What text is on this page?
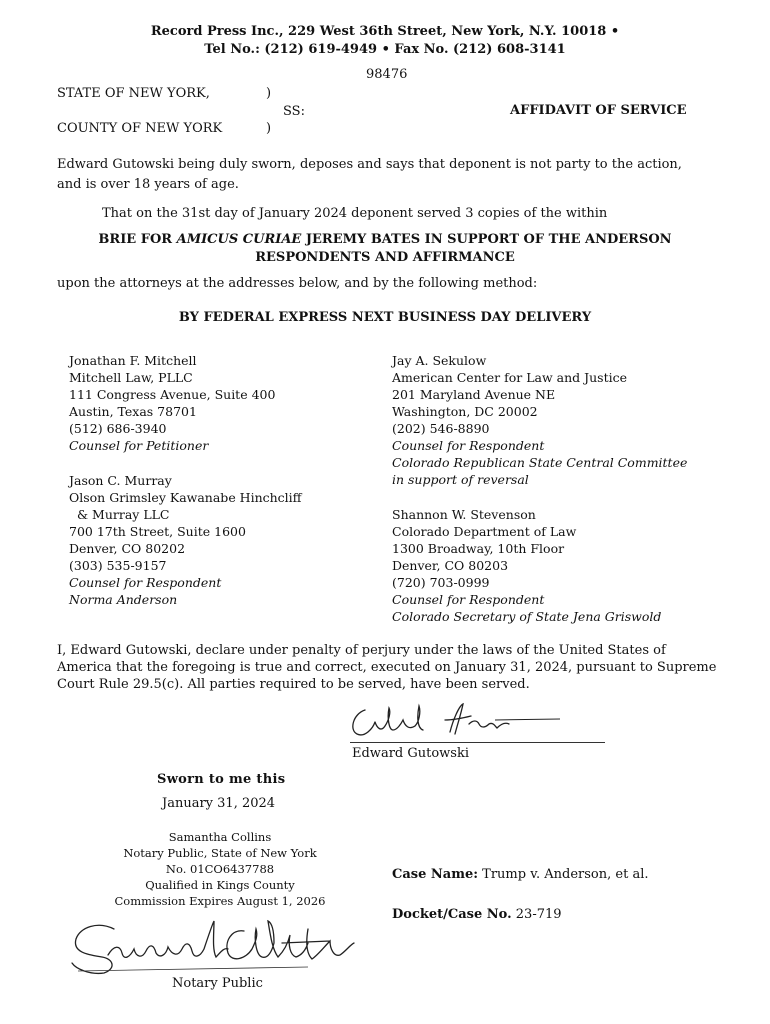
Record Press Inc., 229 West 36th Street, New York, N.Y. 10018 •
Tel No.: (212) 619-4949 • Fax No. (212) 608-3141
98476
STATE OF NEW YORK,	)
SS:	AFFIDAVIT OF SERVICE
COUNTY OF NEW YORK	)
Edward Gutowski being duly sworn, deposes and says that deponent is not party to the action, and is over 18 years of age.
That on the 31st day of January 2024 deponent served 3 copies of the within
BRIE FOR AMICUS CURIAE JEREMY BATES IN SUPPORT OF THE ANDERSON
RESPONDENTS AND AFFIRMANCE
upon the attorneys at the addresses below, and by the following method:
BY FEDERAL EXPRESS NEXT BUSINESS DAY DELIVERY
Jonathan F. Mitchell
Mitchell Law, PLLC
111 Congress Avenue, Suite 400
Austin, Texas 78701
(512) 686-3940
Counsel for Petitioner
Jason C. Murray
Olson Grimsley Kawanabe Hinchcliff
& Murray LLC
700 17th Street, Suite 1600
Denver, CO 80202
(303) 535-9157
Counsel for Respondent
Norma Anderson
Jay A. Sekulow
American Center for Law and Justice
201 Maryland Avenue NE
Washington, DC 20002
(202) 546-8890
Counsel for Respondent
Colorado Republican State Central Committee
in support of reversal
Shannon W. Stevenson
Colorado Department of Law
1300 Broadway, 10th Floor
Denver, CO 80203
(720) 703-0999
Counsel for Respondent
Colorado Secretary of State Jena Griswold
I, Edward Gutowski, declare under penalty of perjury under the laws of the United States of America that the foregoing is true and correct, executed on January 31, 2024, pursuant to Supreme Court Rule 29.5(c). All parties required to be served, have been served.
Edward Gutowski
Sworn to me this
January 31, 2024
Samantha Collins
Notary Public, State of New York
No. 01CO6437788
Qualified in Kings County
Commission Expires August 1, 2026
Notary Public
Case Name: Trump v. Anderson, et al.
Docket/Case No. 23-719
